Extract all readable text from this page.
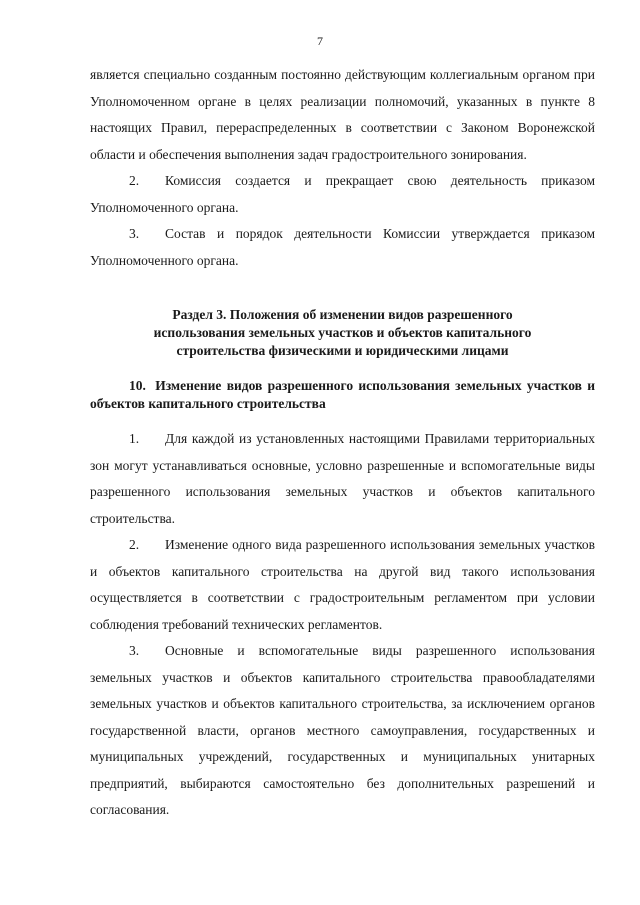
7

является специально созданным постоянно действующим коллегиальным органом при Уполномоченном органе в целях реализации полномочий, указанных в пункте 8 настоящих Правил, перераспределенных в соответствии с Законом Воронежской области и обеспечения выполнения задач градостроительного зонирования.

2. Комиссия создается и прекращает свою деятельность приказом Уполномоченного органа.

3. Состав и порядок деятельности Комиссии утверждается приказом Уполномоченного органа.

Раздел 3. Положения об изменении видов разрешенного использования земельных участков и объектов капитального строительства физическими и юридическими лицами
10. Изменение видов разрешенного использования земельных участков и объектов капитального строительства

1. Для каждой из установленных настоящими Правилами территориальных зон могут устанавливаться основные, условно разрешенные и вспомогательные виды разрешенного использования земельных участков и объектов капитального строительства.

2. Изменение одного вида разрешенного использования земельных участков и объектов капитального строительства на другой вид такого использования осуществляется в соответствии с градостроительным регламентом при условии соблюдения требований технических регламентов.

3. Основные и вспомогательные виды разрешенного использования земельных участков и объектов капитального строительства правообладателями земельных участков и объектов капитального строительства, за исключением органов государственной власти, органов местного самоуправления, государственных и муниципальных учреждений, государственных и муниципальных унитарных предприятий, выбираются самостоятельно без дополнительных разрешений и согласования.
